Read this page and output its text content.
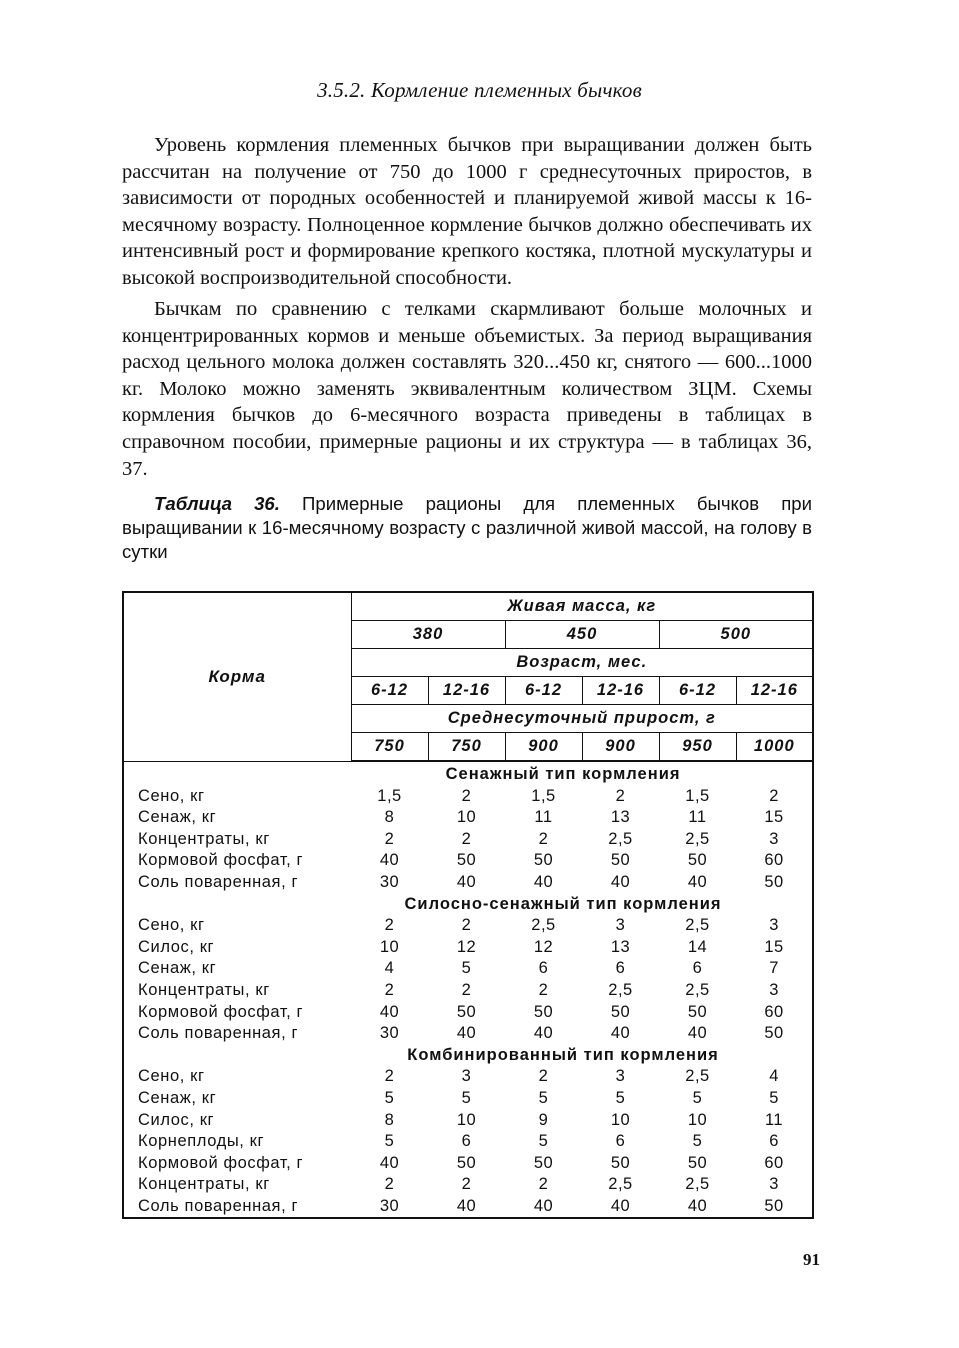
3.5.2. Кормление племенных бычков

Уровень кормления племенных бычков при выращивании должен быть рассчитан на получение от 750 до 1000 г среднесуточных приростов, в зависимости от породных особенностей и планируемой живой массы к 16-месячному возрасту. Полноценное кормление бычков должно обеспечивать их интенсивный рост и формирование крепкого костяка, плотной мускулатуры и высокой воспроизводительной способности.

Бычкам по сравнению с телками скармливают больше молочных и концентрированных кормов и меньше объемистых. За период выращивания расход цельного молока должен составлять 320...450 кг, снятого — 600...1000 кг. Молоко можно заменять эквивалентным количеством ЗЦМ. Схемы кормления бычков до 6-месячного возраста приведены в таблицах в справочном пособии, примерные рационы и их структура — в таблицах 36, 37.

Таблица 36. Примерные рационы для племенных бычков при выращивании к 16-месячному возрасту с различной живой массой, на голову в сутки

Корма	Живая масса, кг					
	380		450		500	
	Возраст, мес.					
	6-12	12-16	6-12	12-16	6-12	12-16
	Среднесуточный прирост, г					
	750	750	900	900	950	1000
Сенажный тип кормления						
Сено, кг	1,5	2	1,5	2	1,5	2
Сенаж, кг	8	10	11	13	11	15
Концентраты, кг	2	2	2	2,5	2,5	3
Кормовой фосфат, г	40	50	50	50	50	60
Соль поваренная, г	30	40	40	40	40	50
Силосно-сенажный тип кормления						
Сено, кг	2	2	2,5	3	2,5	3
Силос, кг	10	12	12	13	14	15
Сенаж, кг	4	5	6	6	6	7
Концентраты, кг	2	2	2	2,5	2,5	3
Кормовой фосфат, г	40	50	50	50	50	60
Соль поваренная, г	30	40	40	40	40	50
Комбинированный тип кормления						
Сено, кг	2	3	2	3	2,5	4
Сенаж, кг	5	5	5	5	5	5
Силос, кг	8	10	9	10	10	11
Корнеплоды, кг	5	6	5	6	5	6
Кормовой фосфат, г	40	50	50	50	50	60
Концентраты, кг	2	2	2	2,5	2,5	3
Соль поваренная, г	30	40	40	40	40	50
91
